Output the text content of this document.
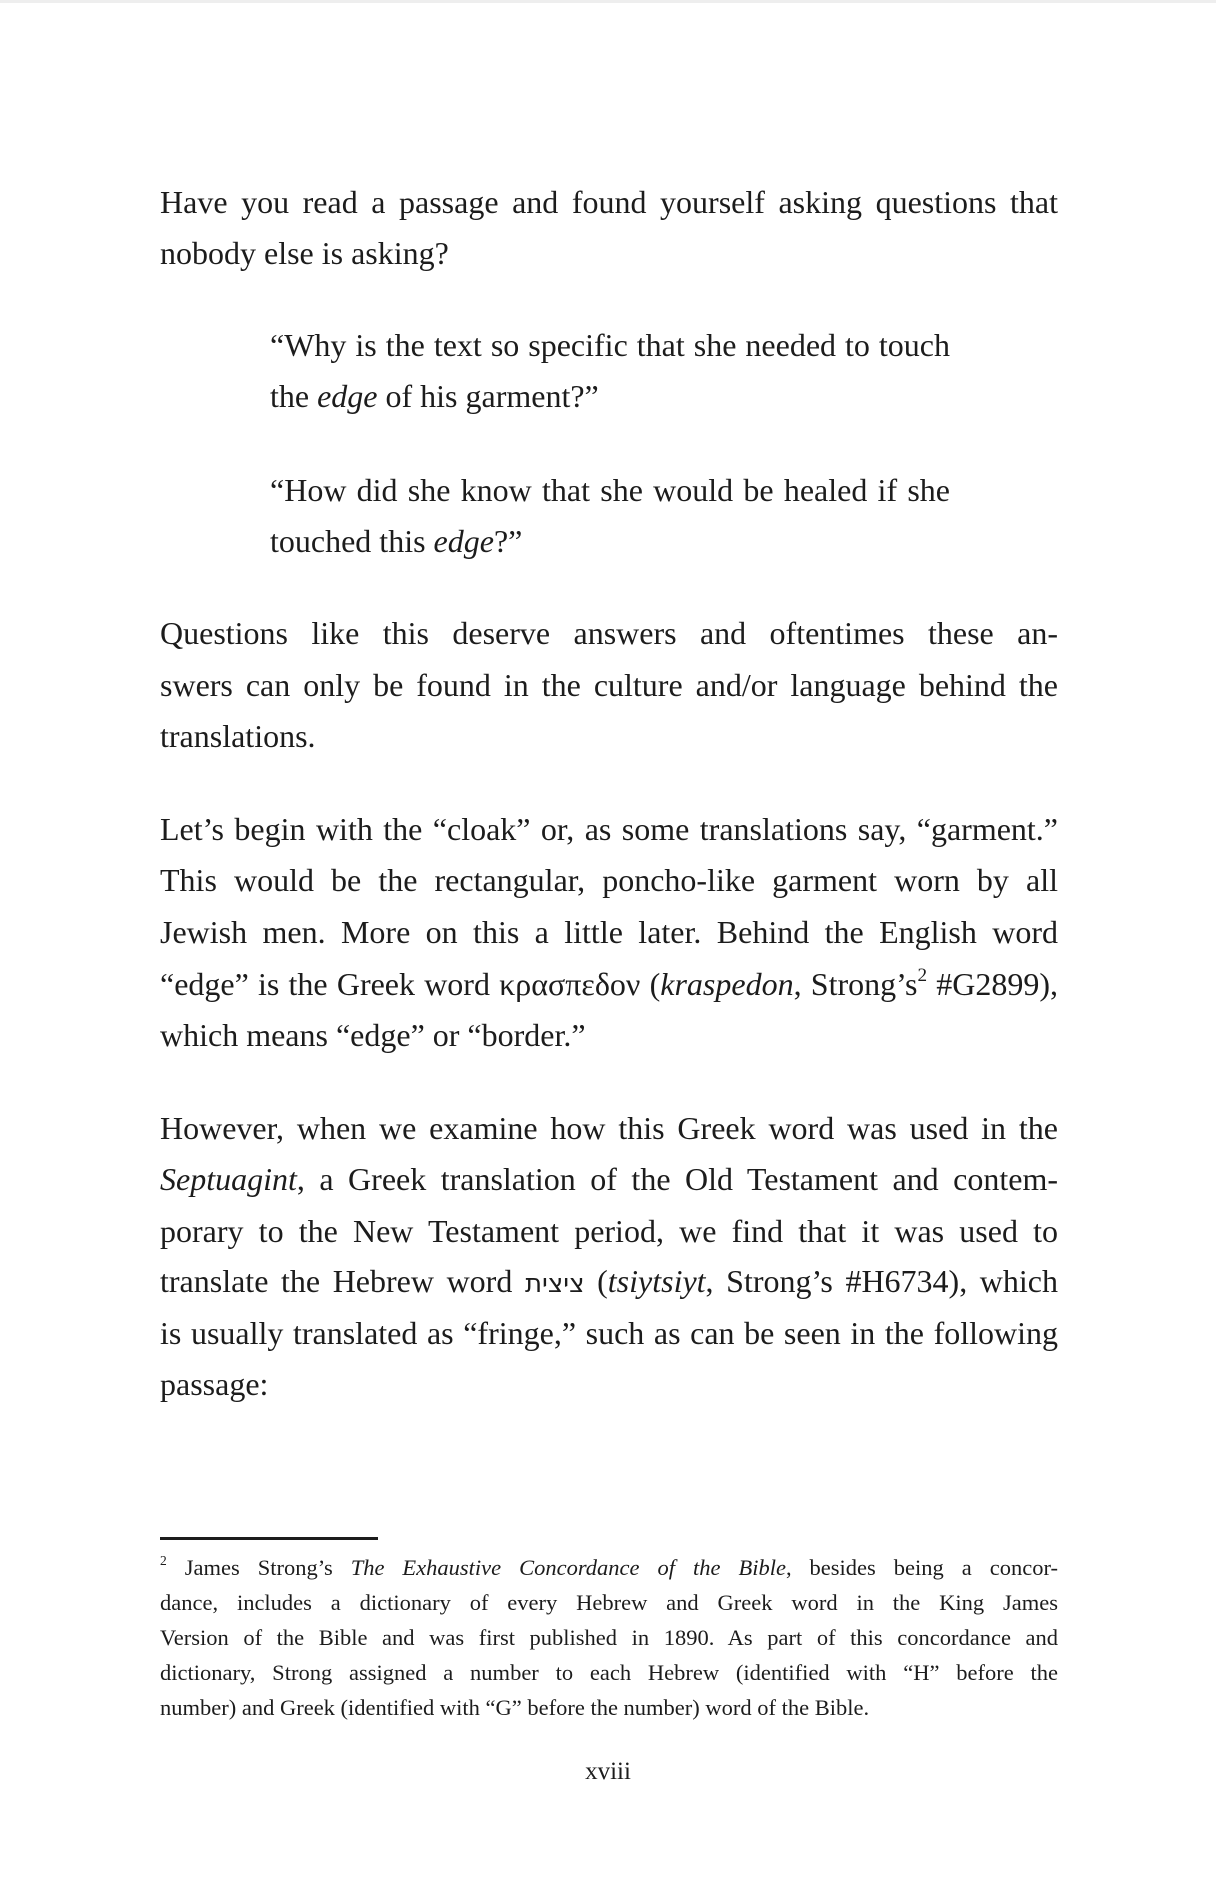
Have you read a passage and found yourself asking questions that
nobody else is asking?
“Why is the text so specific that she needed to touch
the edge of his garment?”
“How did she know that she would be healed if she
touched this edge?”
Questions like this deserve answers and oftentimes these an-
swers can only be found in the culture and/or language behind the
translations.
Let’s begin with the “cloak” or, as some translations say, “garment.”
This would be the rectangular, poncho-like garment worn by all
Jewish men. More on this a little later. Behind the English word
“edge” is the Greek word κρασπεδον (kraspedon, $Strong’s^2$ #G2899),
which means “edge” or “border.”
However, when we examine how this Greek word was used in the
Septuagint, a Greek translation of the Old Testament and contem-
porary to the New Testament period, we find that it was used to
translate the Hebrew word ציצית (tsiytsiyt, Strong’s #H6734), which
is usually translated as “fringe,” such as can be seen in the following
passage:
$^2$ James Strong’s The Exhaustive Concordance of the Bible, besides being a concor-
dance, includes a dictionary of every Hebrew and Greek word in the King James
Version of the Bible and was first published in 1890. As part of this concordance and
dictionary, Strong assigned a number to each Hebrew (identified with “H” before the
number) and Greek (identified with “G” before the number) word of the Bible.
xviii
